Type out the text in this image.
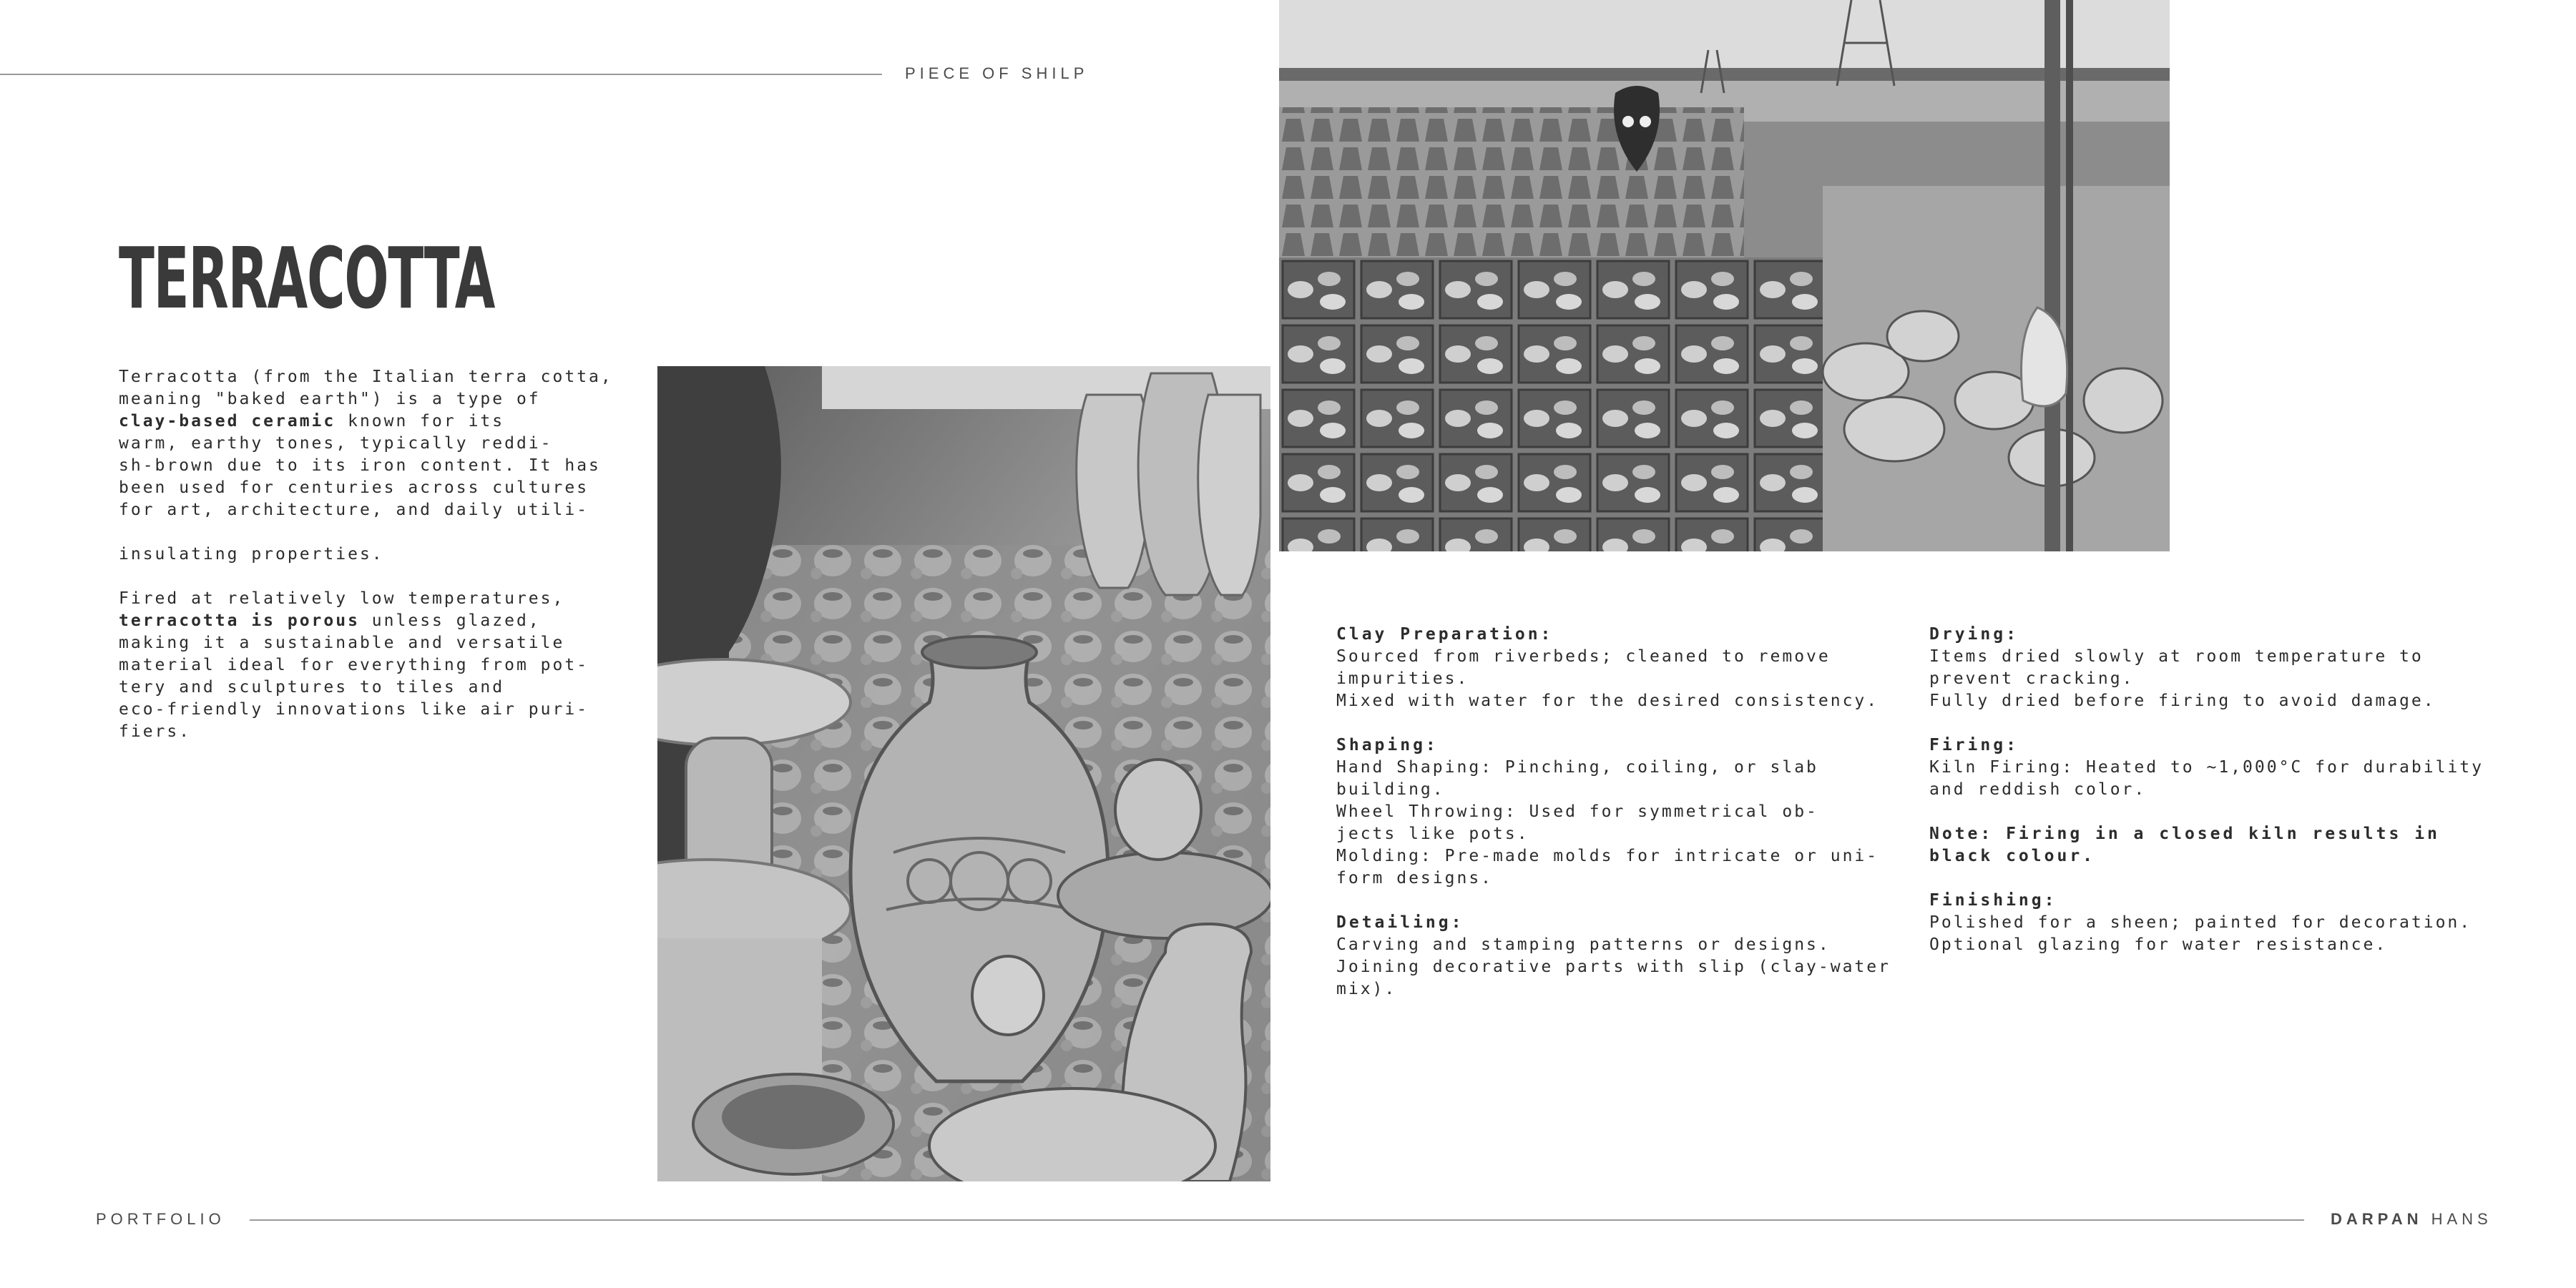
PIECE OF SHILP
TERRACOTTA

Terracotta (from the Italian terra cotta,

meaning "baked earth") is a type of

clay-based ceramic known for its

warm, earthy tones, typically reddi-

sh-brown due to its iron content. It has

been used for centuries across cultures

for art, architecture, and daily utili-

insulating properties.

Fired at relatively low temperatures,

terracotta is porous unless glazed,

making it a sustainable and versatile

material ideal for everything from pot-

tery and sculptures to tiles and

eco-friendly innovations like air puri-

fiers.

Clay Preparation:

Sourced from riverbeds; cleaned to remove

impurities.

Mixed with water for the desired consistency.

Shaping:

Hand Shaping: Pinching, coiling, or slab

building.

Wheel Throwing: Used for symmetrical ob-

jects like pots.

Molding: Pre-made molds for intricate or uni-

form designs.

Detailing:

Carving and stamping patterns or designs.

Joining decorative parts with slip (clay-water

mix).

Drying:

Items dried slowly at room temperature to

prevent cracking.

Fully dried before firing to avoid damage.

Firing:

Kiln Firing: Heated to ~1,000°C for durability

and reddish color.

Note: Firing in a closed kiln results in

black colour.

Finishing:

Polished for a sheen; painted for decoration.

Optional glazing for water resistance.

PORTFOLIO	DARPAN HANS
